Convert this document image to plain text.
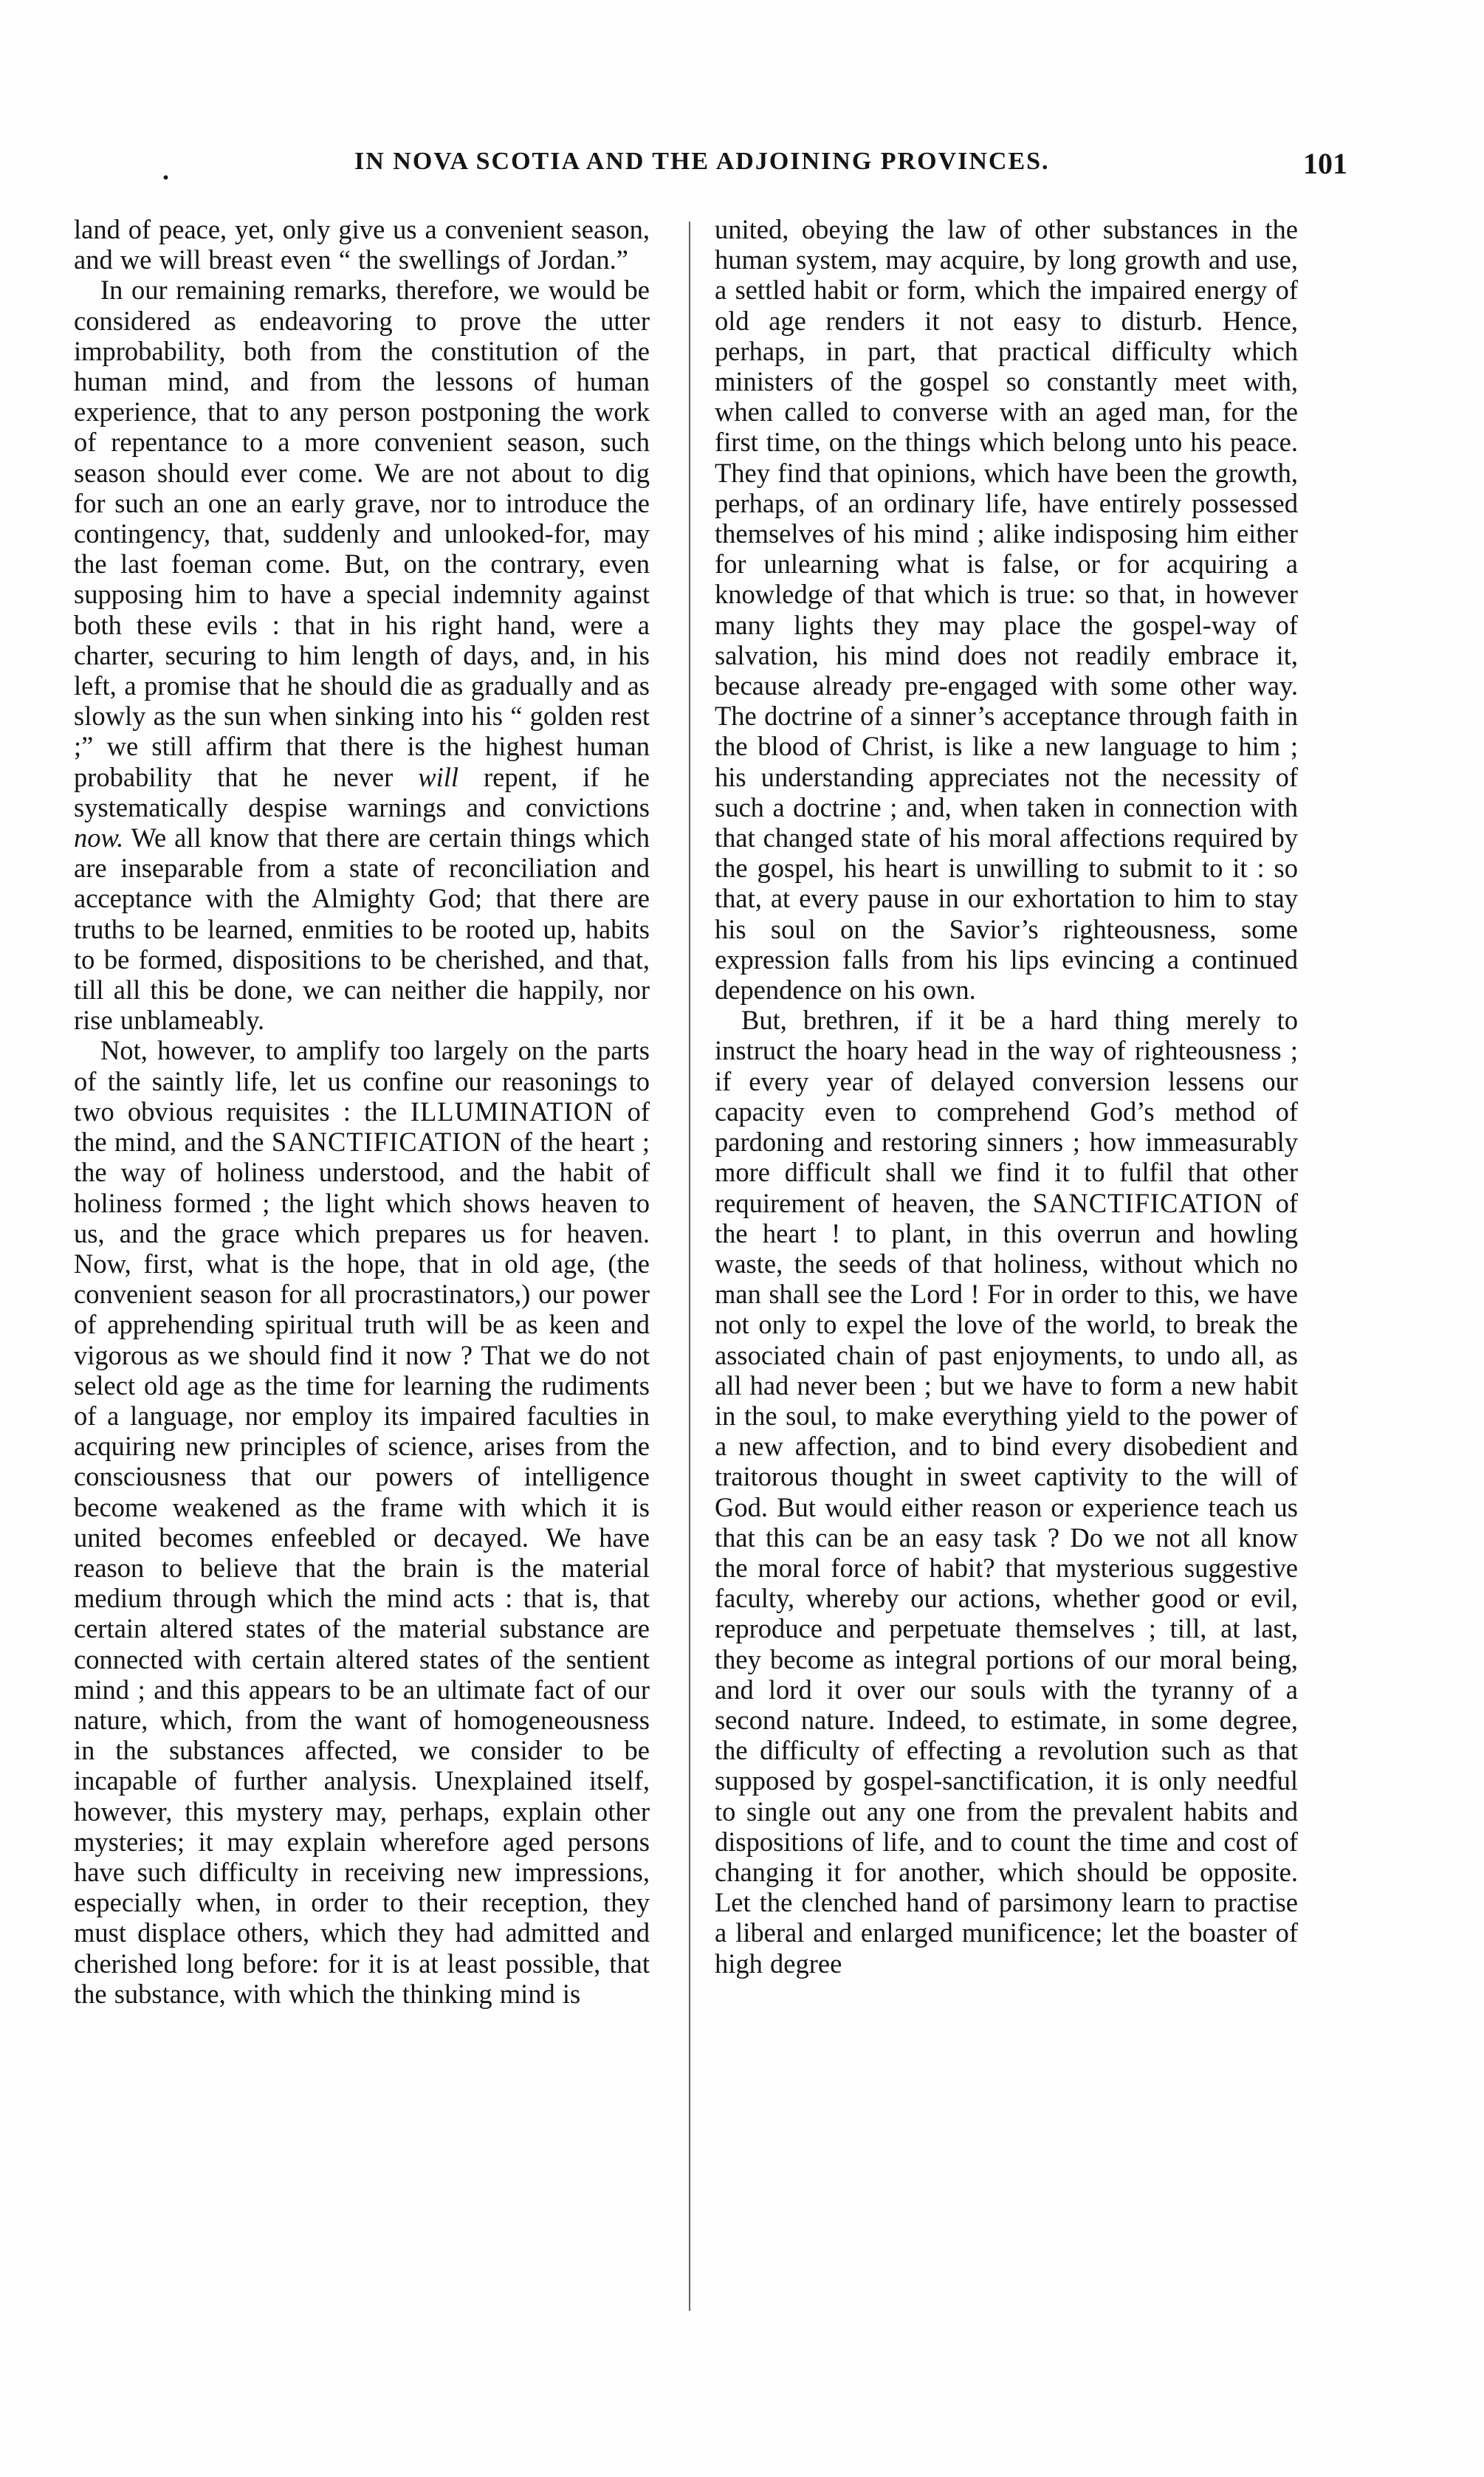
.	IN NOVA SCOTIA AND THE ADJOINING PROVINCES.	101

land of peace, yet, only give us a convenient season, and we will breast even “ the swellings of Jordan.”

In our remaining remarks, therefore, we would be considered as endeavoring to prove the utter improbability, both from the constitution of the human mind, and from the lessons of human experience, that to any person postponing the work of repentance to a more convenient season, such season should ever come. We are not about to dig for such an one an early grave, nor to introduce the contingency, that, suddenly and unlooked-for, may the last foeman come. But, on the contrary, even supposing him to have a special indemnity against both these evils : that in his right hand, were a charter, securing to him length of days, and, in his left, a promise that he should die as gradually and as slowly as the sun when sinking into his “ golden rest ;” we still affirm that there is the highest human probability that he never will repent, if he systematically despise warnings and convictions now. We all know that there are certain things which are inseparable from a state of reconciliation and acceptance with the Almighty God; that there are truths to be learned, enmities to be rooted up, habits to be formed, dispositions to be cherished, and that, till all this be done, we can neither die happily, nor rise unblameably.

Not, however, to amplify too largely on the parts of the saintly life, let us confine our reasonings to two obvious requisites : the ILLUMINATION of the mind, and the SANCTIFICATION of the heart ; the way of holiness understood, and the habit of holiness formed ; the light which shows heaven to us, and the grace which prepares us for heaven. Now, first, what is the hope, that in old age, (the convenient season for all procrastinators,) our power of apprehending spiritual truth will be as keen and vigorous as we should find it now ? That we do not select old age as the time for learning the rudiments of a language, nor employ its impaired faculties in acquiring new principles of science, arises from the consciousness that our powers of intelligence become weakened as the frame with which it is united becomes enfeebled or decayed. We have reason to believe that the brain is the material medium through which the mind acts : that is, that certain altered states of the material substance are connected with certain altered states of the sentient mind ; and this appears to be an ultimate fact of our nature, which, from the want of homogeneousness in the substances affected, we consider to be incapable of further analysis. Unexplained itself, however, this mystery may, perhaps, explain other mysteries; it may explain wherefore aged persons have such difficulty in receiving new impressions, especially when, in order to their reception, they must displace others, which they had admitted and cherished long before: for it is at least possible, that the substance, with which the thinking mind is

united, obeying the law of other substances in the human system, may acquire, by long growth and use, a settled habit or form, which the impaired energy of old age renders it not easy to disturb. Hence, perhaps, in part, that practical difficulty which ministers of the gospel so constantly meet with, when called to converse with an aged man, for the first time, on the things which belong unto his peace. They find that opinions, which have been the growth, perhaps, of an ordinary life, have entirely possessed themselves of his mind ; alike indisposing him either for unlearning what is false, or for acquiring a knowledge of that which is true: so that, in however many lights they may place the gospel-way of salvation, his mind does not readily embrace it, because already pre-engaged with some other way. The doctrine of a sinner’s acceptance through faith in the blood of Christ, is like a new language to him ; his understanding appreciates not the necessity of such a doctrine ; and, when taken in connection with that changed state of his moral affections required by the gospel, his heart is unwilling to submit to it : so that, at every pause in our exhortation to him to stay his soul on the Savior’s righteousness, some expression falls from his lips evincing a continued dependence on his own.

But, brethren, if it be a hard thing merely to instruct the hoary head in the way of righteousness ; if every year of delayed conversion lessens our capacity even to comprehend God’s method of pardoning and restoring sinners ; how immeasurably more difficult shall we find it to fulfil that other requirement of heaven, the SANCTIFICATION of the heart ! to plant, in this overrun and howling waste, the seeds of that holiness, without which no man shall see the Lord ! For in order to this, we have not only to expel the love of the world, to break the associated chain of past enjoyments, to undo all, as all had never been ; but we have to form a new habit in the soul, to make everything yield to the power of a new affection, and to bind every disobedient and traitorous thought in sweet captivity to the will of God. But would either reason or experience teach us that this can be an easy task ? Do we not all know the moral force of habit? that mysterious suggestive faculty, whereby our actions, whether good or evil, reproduce and perpetuate themselves ; till, at last, they become as integral portions of our moral being, and lord it over our souls with the tyranny of a second nature. Indeed, to estimate, in some degree, the difficulty of effecting a revolution such as that supposed by gospel-sanctification, it is only needful to single out any one from the prevalent habits and dispositions of life, and to count the time and cost of changing it for another, which should be opposite. Let the clenched hand of parsimony learn to practise a liberal and enlarged munificence; let the boaster of high degree
